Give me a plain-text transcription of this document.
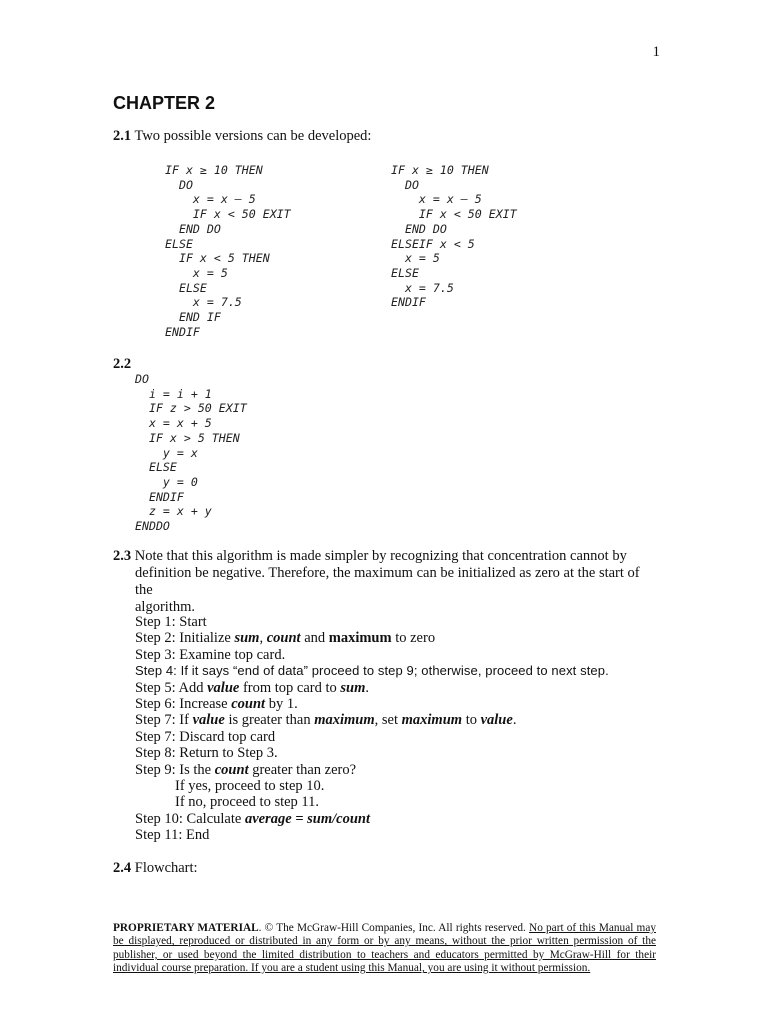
1
CHAPTER 2

2.1 Two possible versions can be developed:

IF x ≥ 10 THEN
DO
x = x – 5
IF x < 50 EXIT
END DO
ELSE
IF x < 5 THEN
x = 5
ELSE
x = 7.5
END IF
ENDIF
IF x ≥ 10 THEN
DO
x = x – 5
IF x < 50 EXIT
END DO
ELSEIF x < 5
x = 5
ELSE
x = 7.5
ENDIF

2.2

DO
i = i + 1
IF z > 50 EXIT
x = x + 5
IF x > 5 THEN
y = x
ELSE
y = 0
ENDIF
z = x + y
ENDDO
2.3 Note that this algorithm is made simpler by recognizing that concentration cannot by
definition be negative. Therefore, the maximum can be initialized as zero at the start of the
algorithm.
Step 1: Start
Step 2: Initialize sum, count and maximum to zero
Step 3: Examine top card.
Step 4: If it says “end of data” proceed to step 9; otherwise, proceed to next step.
Step 5: Add value from top card to sum.
Step 6: Increase count by 1.
Step 7: If value is greater than maximum, set maximum to value.
Step 7: Discard top card
Step 8: Return to Step 3.
Step 9: Is the count greater than zero?
If yes, proceed to step 10.
If no, proceed to step 11.
Step 10: Calculate average = sum/count
Step 11: End

2.4 Flowchart:

PROPRIETARY MATERIAL. © The McGraw-Hill Companies, Inc. All rights reserved. No part of this Manual may be displayed, reproduced or distributed in any form or by any means, without the prior written permission of the publisher, or used beyond the limited distribution to teachers and educators permitted by McGraw-Hill for their individual course preparation. If you are a student using this Manual, you are using it without permission.
